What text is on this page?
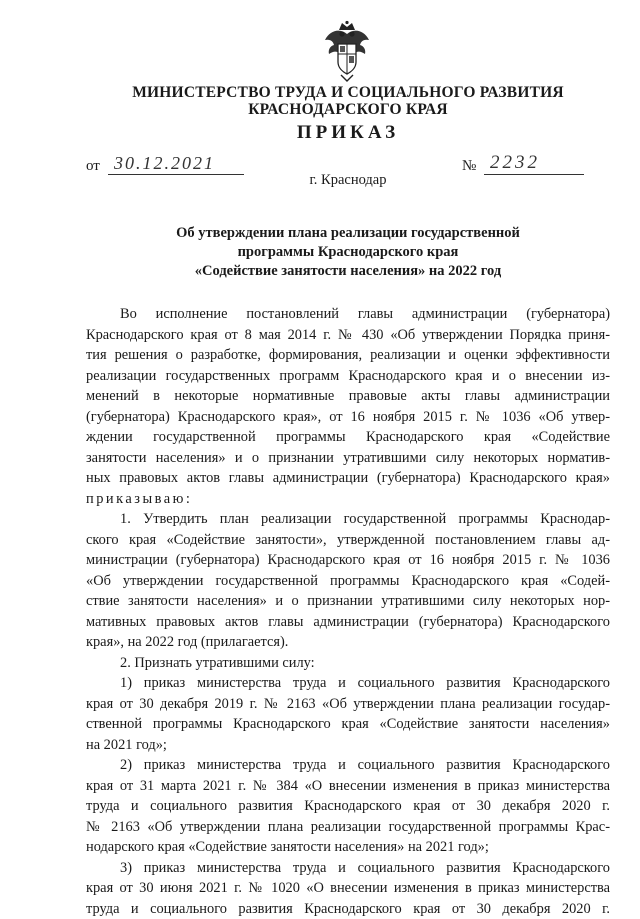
МИНИСТЕРСТВО ТРУДА И СОЦИАЛЬНОГО РАЗВИТИЯ
КРАСНОДАРСКОГО КРАЯ
ПРИКАЗ
от 30.12.2021	№ 2232
г. Краснодар
Об утверждении плана реализации государственной
программы Краснодарского края
«Содействие занятости населения» на 2022 год
Во исполнение постановлений главы администрации (губернатора)
Краснодарского края от 8 мая 2014 г. № 430 «Об утверждении Порядка приня-
тия решения о разработке, формирования, реализации и оценки эффективности
реализации государственных программ Краснодарского края и о внесении из-
менений в некоторые нормативные правовые акты главы администрации
(губернатора) Краснодарского края», от 16 ноября 2015 г. № 1036 «Об утвер-
ждении государственной программы Краснодарского края «Содействие
занятости населения» и о признании утратившими силу некоторых норматив-
ных правовых актов главы администрации (губернатора) Краснодарского края»
приказываю:
1. Утвердить план реализации государственной программы Краснодар-
ского края «Содействие занятости», утвержденной постановлением главы ад-
министрации (губернатора) Краснодарского края от 16 ноября 2015 г. № 1036
«Об утверждении государственной программы Краснодарского края «Содей-
ствие занятости населения» и о признании утратившими силу некоторых нор-
мативных правовых актов главы администрации (губернатора) Краснодарского
края», на 2022 год (прилагается).
2. Признать утратившими силу:
1) приказ министерства труда и социального развития Краснодарского
края от 30 декабря 2019 г. № 2163 «Об утверждении плана реализации государ-
ственной программы Краснодарского края «Содействие занятости населения»
на 2021 год»;
2) приказ министерства труда и социального развития Краснодарского
края от 31 марта 2021 г. № 384 «О внесении изменения в приказ министерства
труда и социального развития Краснодарского края от 30 декабря 2020 г.
№ 2163 «Об утверждении плана реализации государственной программы Крас-
нодарского края «Содействие занятости населения» на 2021 год»;
3) приказ министерства труда и социального развития Краснодарского
края от 30 июня 2021 г. № 1020 «О внесении изменения в приказ министерства
труда и социального развития Краснодарского края от 30 декабря 2020 г.
